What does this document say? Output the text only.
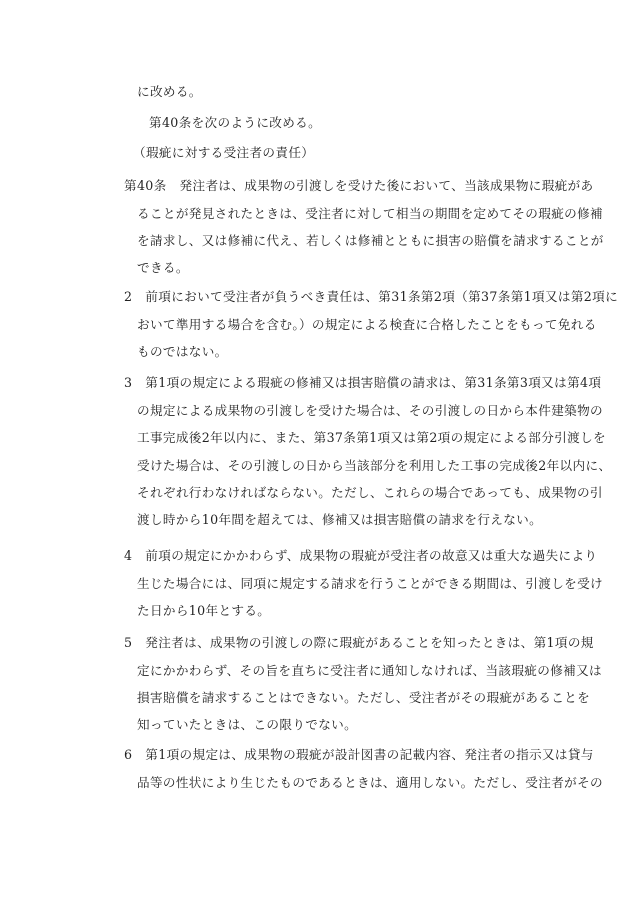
に改める。
第40条を次のように改める。
（瑕疵に対する受注者の責任）
第40条　発注者は、成果物の引渡しを受けた後において、当該成果物に瑕疵があ
ることが発見されたときは、受注者に対して相当の期間を定めてその瑕疵の修補
を請求し、又は修補に代え、若しくは修補とともに損害の賠償を請求することが
できる。
2　前項において受注者が負うべき責任は、第31条第2項（第37条第1項又は第2項に
おいて準用する場合を含む。）の規定による検査に合格したことをもって免れる
ものではない。
3　第1項の規定による瑕疵の修補又は損害賠償の請求は、第31条第3項又は第4項
の規定による成果物の引渡しを受けた場合は、その引渡しの日から本件建築物の
工事完成後2年以内に、また、第37条第1項又は第2項の規定による部分引渡しを
受けた場合は、その引渡しの日から当該部分を利用した工事の完成後2年以内に、
それぞれ行わなければならない。ただし、これらの場合であっても、成果物の引
渡し時から10年間を超えては、修補又は損害賠償の請求を行えない。
4　前項の規定にかかわらず、成果物の瑕疵が受注者の故意又は重大な過失により
生じた場合には、同項に規定する請求を行うことができる期間は、引渡しを受け
た日から10年とする。
5　発注者は、成果物の引渡しの際に瑕疵があることを知ったときは、第1項の規
定にかかわらず、その旨を直ちに受注者に通知しなければ、当該瑕疵の修補又は
損害賠償を請求することはできない。ただし、受注者がその瑕疵があることを
知っていたときは、この限りでない。
6　第1項の規定は、成果物の瑕疵が設計図書の記載内容、発注者の指示又は貸与
品等の性状により生じたものであるときは、適用しない。ただし、受注者がその
